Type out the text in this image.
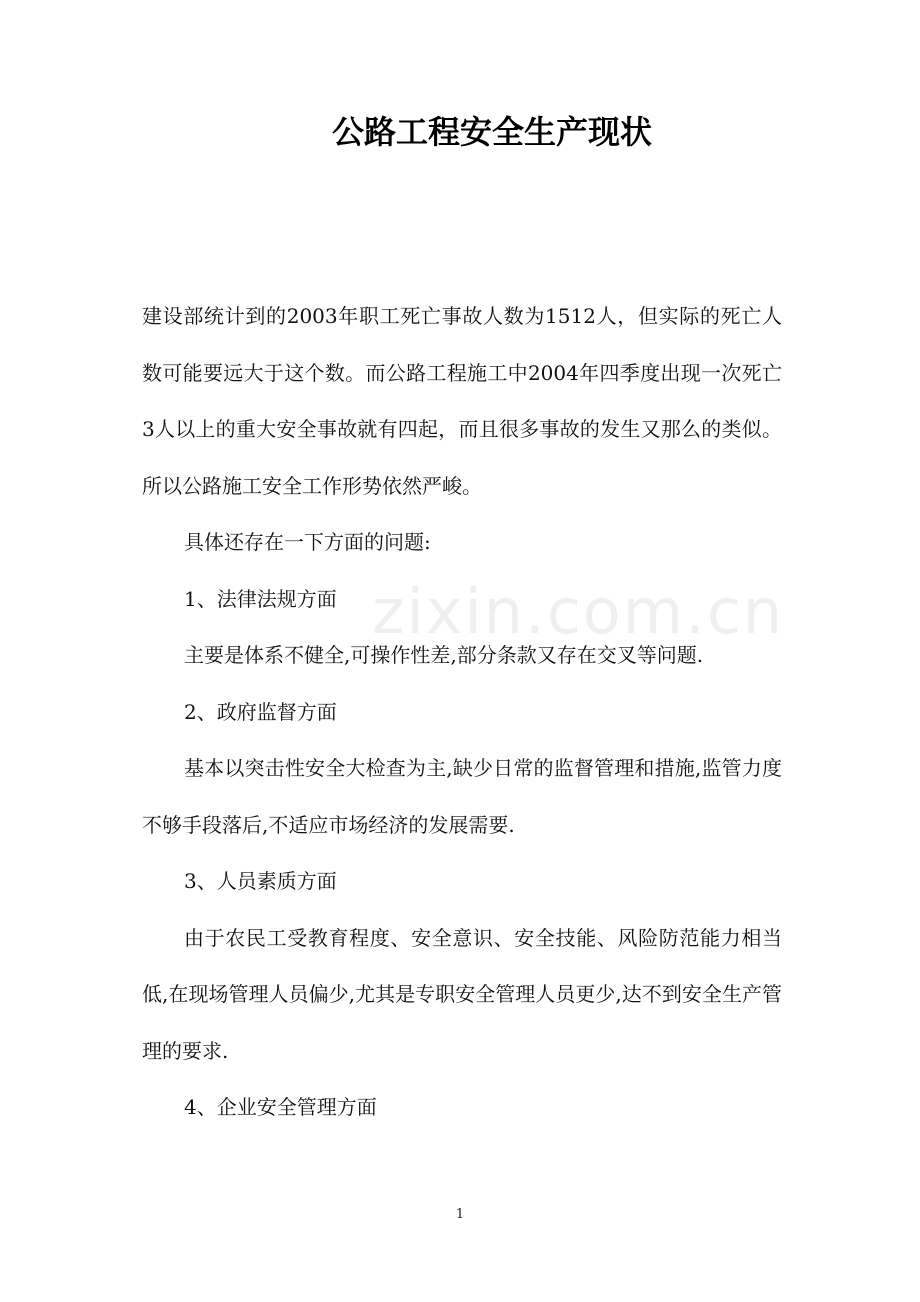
公路工程安全生产现状
zixin.com.cn

建设部统计到的2003年职工死亡事故人数为1512人，但实际的死亡人数可能要远大于这个数。而公路工程施工中2004年四季度出现一次死亡3人以上的重大安全事故就有四起，而且很多事故的发生又那么的类似。所以公路施工安全工作形势依然严峻。

具体还存在一下方面的问题:

1、法律法规方面

主要是体系不健全,可操作性差,部分条款又存在交叉等问题.

2、政府监督方面

基本以突击性安全大检查为主,缺少日常的监督管理和措施,监管力度不够手段落后,不适应市场经济的发展需要.

3、人员素质方面

由于农民工受教育程度、安全意识、安全技能、风险防范能力相当低,在现场管理人员偏少,尤其是专职安全管理人员更少,达不到安全生产管理的要求.

4、企业安全管理方面

1
